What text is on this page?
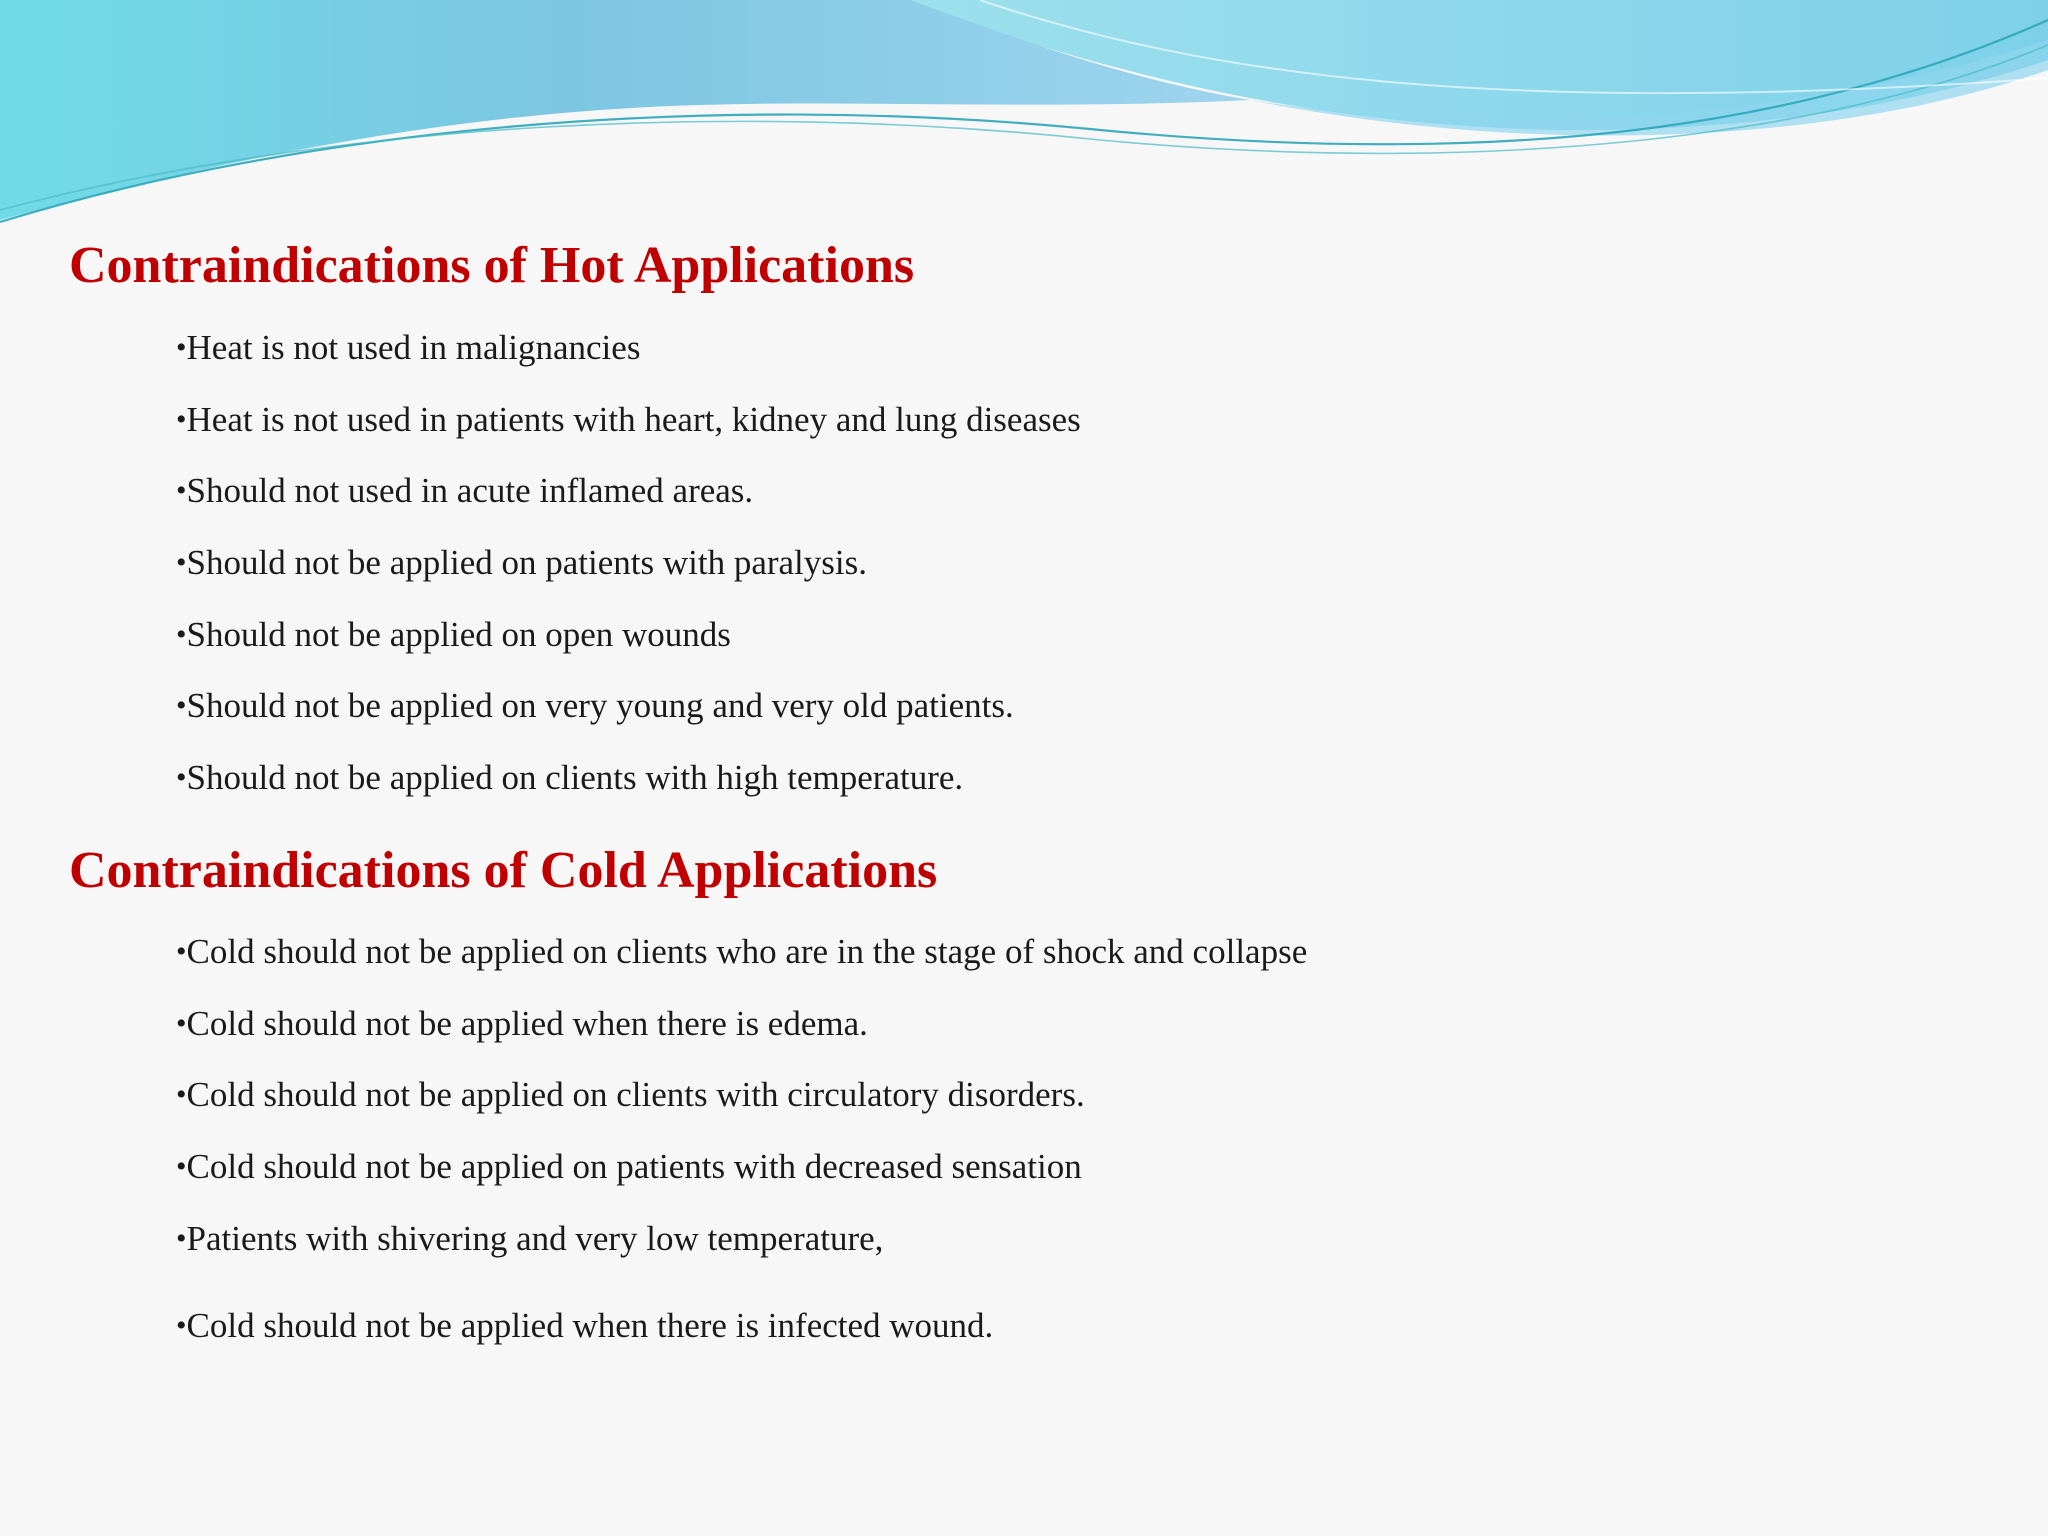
Contraindications of Hot Applications
•Heat is not used in malignancies
•Heat is not used in patients with heart, kidney and lung diseases
•Should not used in acute inflamed areas.
•Should not be applied on patients with paralysis.
•Should not be applied on open wounds
•Should not be applied on very young and very old patients.
•Should not be applied on clients with high temperature.
Contraindications of Cold Applications
•Cold should not be applied on clients who are in the stage of shock and collapse
•Cold should not be applied when there is edema.
•Cold should not be applied on clients with circulatory disorders.
•Cold should not be applied on patients with decreased sensation
•Patients with shivering and very low temperature,
•Cold should not be applied when there is infected wound.
